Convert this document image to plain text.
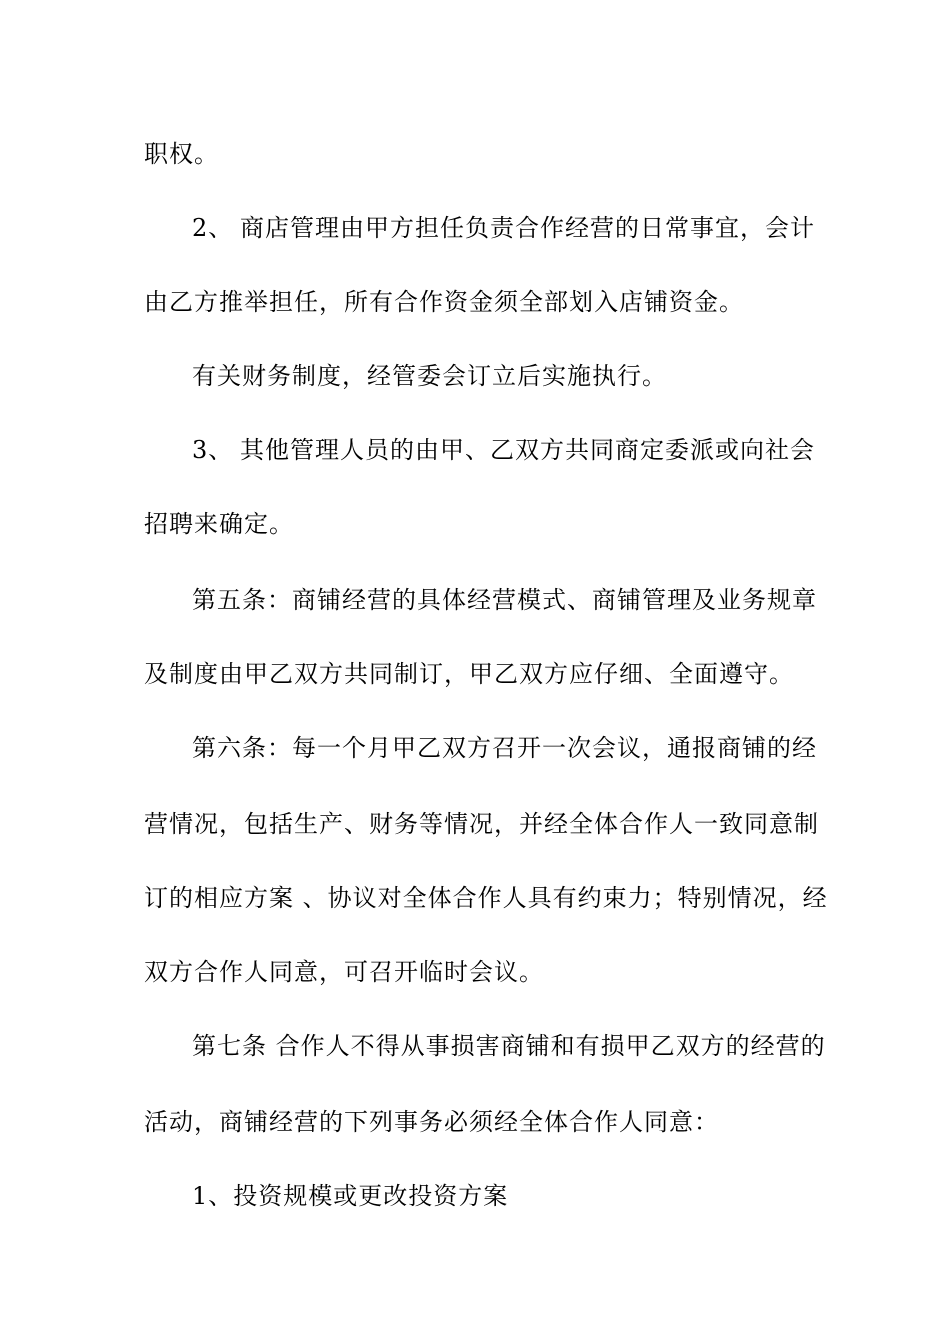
职权。
2、商店管理由甲方担任负责合作经营的日常事宜，会计
由乙方推举担任，所有合作资金须全部划入店铺资金。
有关财务制度，经管委会订立后实施执行。
3、其他管理人员的由甲、乙双方共同商定委派或向社会
招聘来确定。
第五条：商铺经营的具体经营模式、商铺管理及业务规章
及制度由甲乙双方共同制订，甲乙双方应仔细、全面遵守。
第六条：每一个月甲乙双方召开一次会议，通报商铺的经
营情况，包括生产、财务等情况，并经全体合作人一致同意制
订的相应方案 、协议对全体合作人具有约束力；特别情况，经
双方合作人同意，可召开临时会议。
第七条 合作人不得从事损害商铺和有损甲乙双方的经营的
活动，商铺经营的下列事务必须经全体合作人同意：
1、投资规模或更改投资方案
